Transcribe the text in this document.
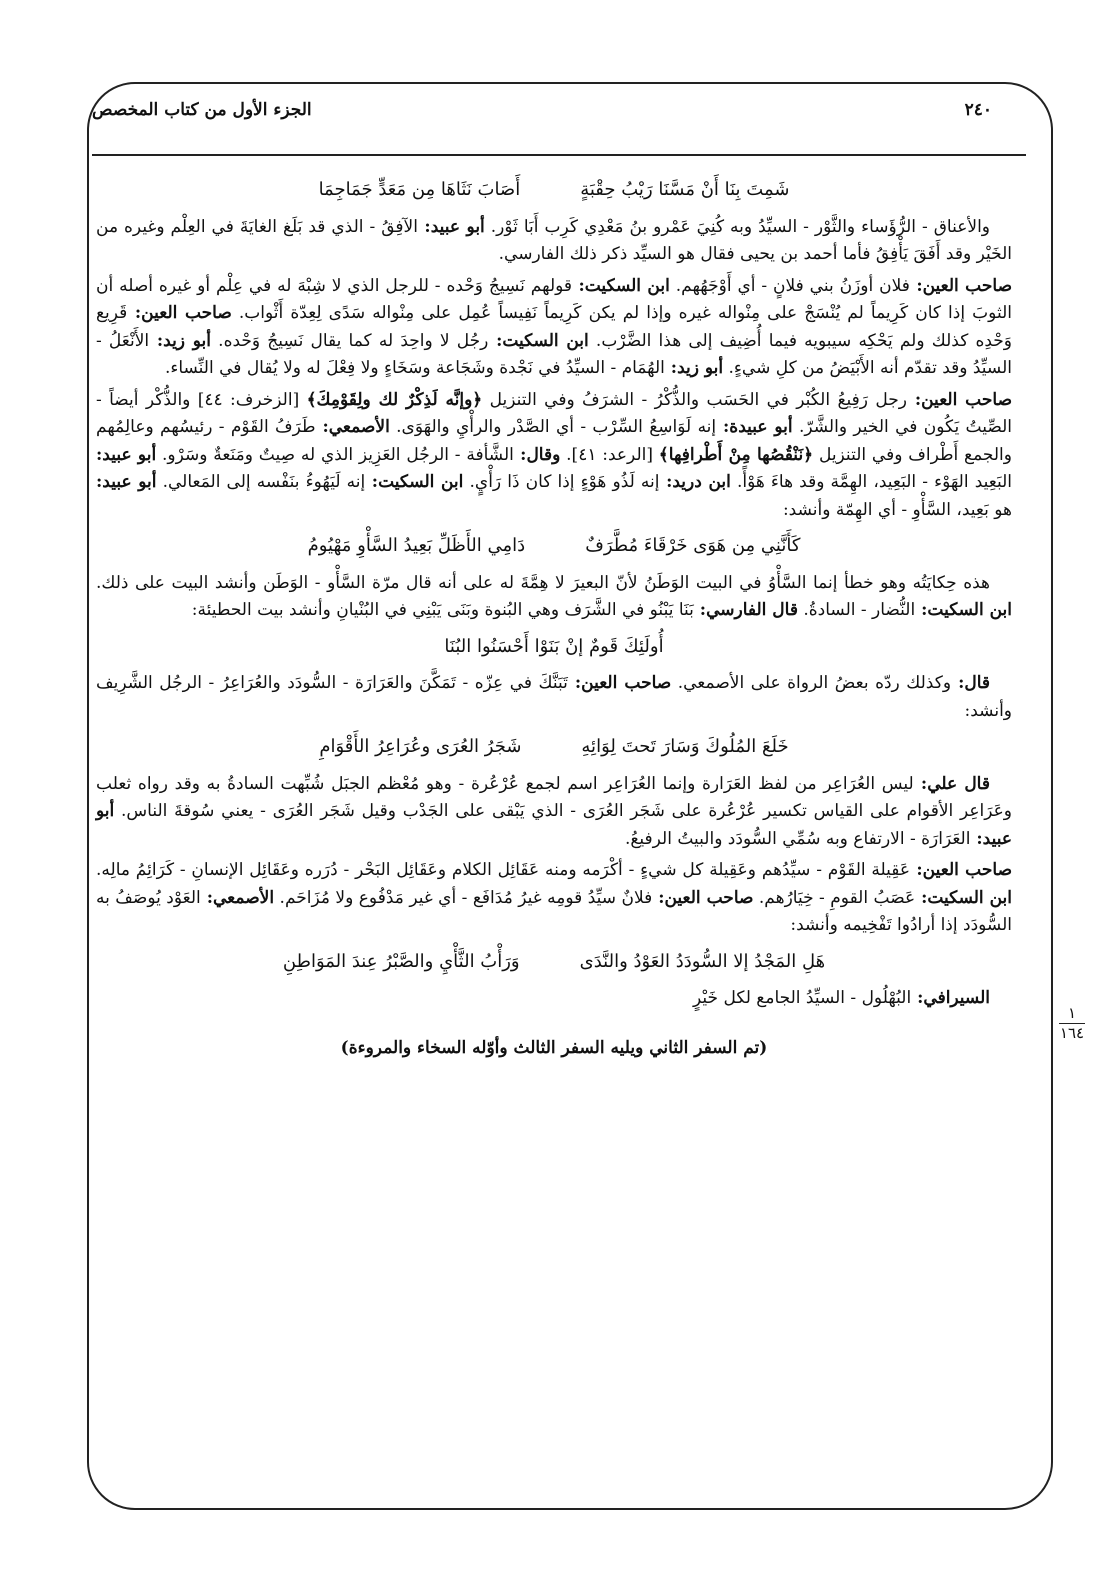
٢٤٠
الجزء الأول من كتاب المخصص
١
١٦٤
شَمِتَ بِنَا أَنْ مَسَّنَا رَيْبُ حِقْبَةٍ
أَصَابَ نَثَاهَا مِن مَعَدٍّ جَمَاجِمَا

والأعناق - الرُّؤَساء والثَّوْر - السيِّدُ وبه كُنِيَ عَمْرو بنُ مَعْدِي كَرِب أَبَا ثَوْر. أبو عبيد: الآفِقُ - الذي قد بَلَغ الغايَةَ في العِلْم وغيره من الخَيْر وقد أَفَقَ يَأْفِقُ فأما أحمد بن يحيى فقال هو السيِّد ذكر ذلك الفارسي.

صاحب العين: فلان أوزَنُ بني فلانٍ - أي أَوْجَهُهم. ابن السكيت: قولهم نَسِيجُ وَحْده - للرجل الذي لا شِبْهَ له في عِلْم أو غيره أصله أن الثوبَ إذا كان كَرِيماً لم يُنْسَجْ على مِنْواله غيره وإذا لم يكن كَرِيماً نَفِيساً عُمِل على مِنْواله سَدًى لِعِدّة أَثْواب. صاحب العين: قَرِيع وَحْدِه كذلك ولم يَحْكِه سيبويه فيما أُضِيف إلى هذا الضَّرْب. ابن السكيت: رجُل لا واحِدَ له كما يقال نَسِيجُ وَحْده. أبو زيد: الأَنْعَلُ - السيِّدُ وقد تقدّم أنه الأَبْيَضُ من كلِ شيءٍ. أبو زيد: الهُمَام - السيِّدُ في نَجْدة وشَجَاعة وسَخَاءٍ ولا فِعْلَ له ولا يُقال في النِّساء.

صاحب العين: رجل رَفِيعُ الكُبْر في الحَسَب والذُّكْرُ - الشرَفُ وفي التنزيل ﴿وإنَّه لَذِكْرٌ لك ولِقَوْمِكَ﴾ [الزخرف: ٤٤] والذُّكْر أيضاً - الصِّيتُ يَكُون في الخير والشَّرّ. أبو عبيدة: إنه لَوَاسِعُ السِّرْب - أي الصَّدْر والرأْيِ والهَوَى. الأصمعي: طَرَفُ القَوْم - رئيسُهم وعالِمُهم والجمع أَطْراف وفي التنزيل ﴿نَنْقُصُها مِنْ أَطْرافِها﴾ [الرعد: ٤١]. وقال: الشَّأفة - الرجُل العَزِيز الذي له صِيتٌ ومَنَعةٌ وسَرْو. أبو عبيد: البَعِيد الهَوْء - البَعِيد، الهِمَّة وقد هاءَ هَوْأً. ابن دريد: إنه لَذُو هَوْءٍ إذا كان ذَا رَأْيٍ. ابن السكيت: إنه لَيَهُوءُ بنَفْسه إلى المَعالي. أبو عبيد: هو بَعِيد، السَّأْوِ - أي الهِمّة وأنشد:

كَأَنَّنِي مِن هَوَى خَرْقَاءَ مُطَّرَفٌ
دَامِي الأَظَلِّ بَعِيدُ السَّأْوِ مَهْيُومُ

هذه حِكايَتُه وهو خطأ إنما السَّأْوُ في البيت الوَطَنُ لأنّ البعيرَ لا هِمَّةَ له على أنه قال مرّة السَّأْو - الوَطَن وأنشد البيت على ذلك. ابن السكيت: النُّضار - السادةُ. قال الفارسي: بَنَا يَبْنُو في الشَّرَف وهي البُنوة وبَنَى يَبْنِي في البُنْيانِ وأنشد بيت الحطيئة:

أُولَئِكَ قَومٌ إنْ بَنَوْا أَحْسَنُوا البُنَا

قال: وكذلك ردّه بعضُ الرواة على الأصمعي. صاحب العين: تَبَنَّكَ في عِزّه - تَمَكَّنَ والعَرَارَة - السُّودَد والعُرَاعِرُ - الرجُل الشَّرِيف وأنشد:

خَلَعَ المُلُوكَ وَسَارَ تَحتَ لِوَائِهِ
شَجَرُ العُرَى وعُرَاعِرُ الأَقْوَامِ

قال علي: ليس العُرَاعِر من لفظ العَرَارة وإنما العُرَاعِر اسم لجمع عُرْعُرة - وهو مُعْظم الجبَل شُبِّهت السادةُ به وقد رواه ثعلب وعَرَاعِر الأقوام على القياس تكسير عُرْعُرة على شَجَر العُرَى - الذي يَبْقى على الجَدْب وقيل شَجَر العُرَى - يعني سُوقةَ الناس. أبو عبيد: العَرَارَة - الارتفاع وبه سُمِّي السُّودَد والبيتُ الرفيعُ.

صاحب العين: عَقِيلة القَوْم - سيِّدُهم وعَقِيلة كل شيءٍ - أكْرَمه ومنه عَقَائِل الكلام وعَقَائِل البَحْر - دُرَره وعَقَائِل الإنسانِ - كَرَائِمُ مالِه. ابن السكيت: عَصَبُ القومِ - خِيَارُهم. صاحب العين: فلانٌ سيِّدُ قومِه غيرُ مُدَافَع - أي غير مَدْفُوع ولا مُزَاحَم. الأصمعي: العَوْد يُوصَفُ به السُّودَد إذا أرادُوا تَفْخِيمه وأنشد:

هَلِ المَجْدُ إلا السُّودَدُ العَوْدُ والنَّدَى
وَرَأْبُ الثَّأْيِ والصَّبْرُ عِندَ المَوَاطِنِ

السيرافي: البُهْلُول - السيِّدُ الجامع لكل خَيْرٍ

(تم السفر الثاني ويليه السفر الثالث وأوّله السخاء والمروءة)
